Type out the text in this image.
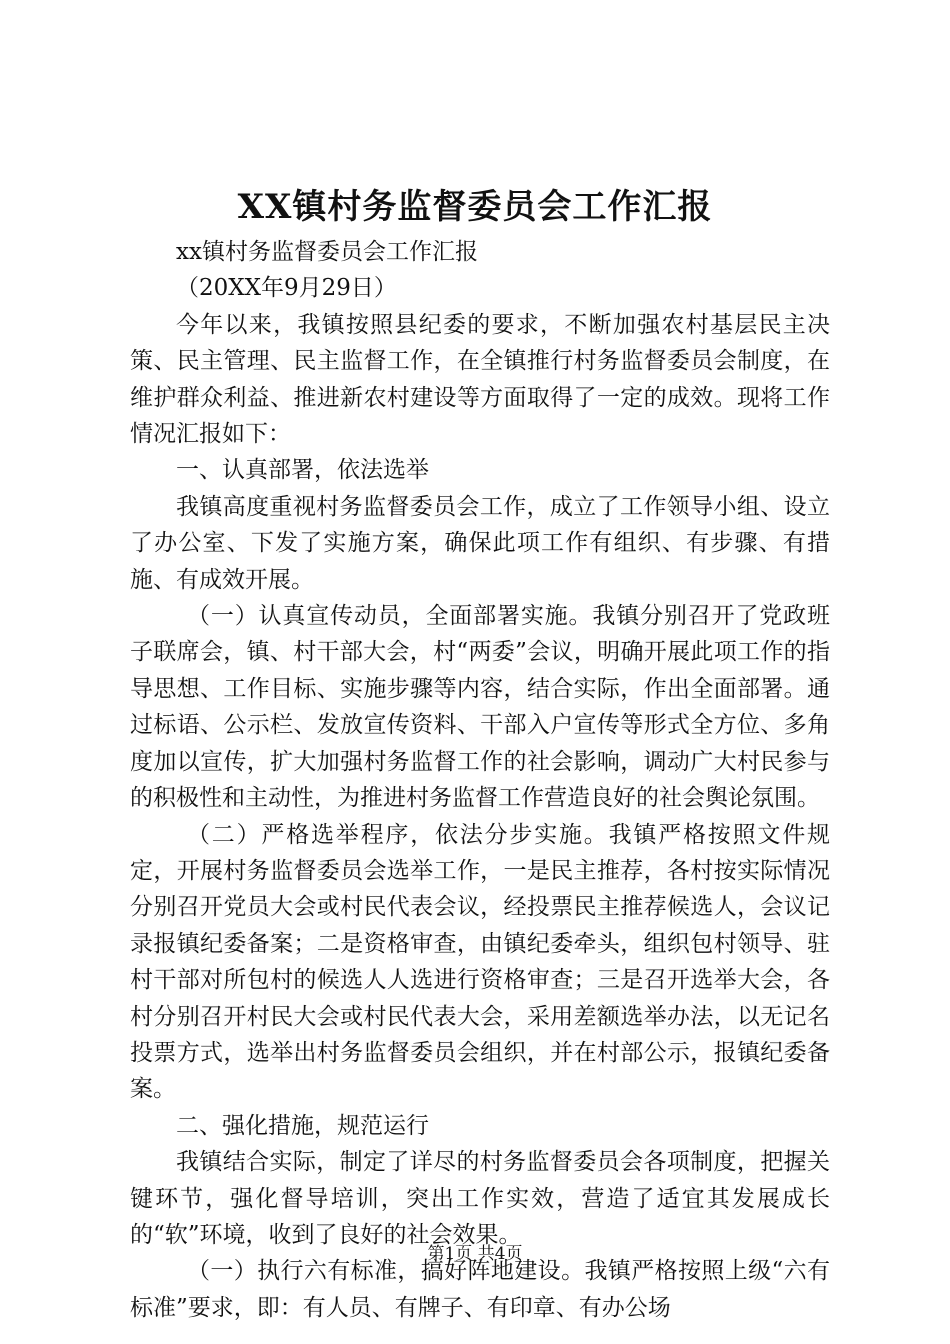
XX镇村务监督委员会工作汇报

xx镇村务监督委员会工作汇报

（20XX年9月29日）

今年以来，我镇按照县纪委的要求，不断加强农村基层民主决策、民主管理、民主监督工作，在全镇推行村务监督委员会制度，在维护群众利益、推进新农村建设等方面取得了一定的成效。现将工作情况汇报如下：

一、认真部署，依法选举

我镇高度重视村务监督委员会工作，成立了工作领导小组、设立了办公室、下发了实施方案，确保此项工作有组织、有步骤、有措施、有成效开展。

（一）认真宣传动员，全面部署实施。我镇分别召开了党政班子联席会，镇、村干部大会，村“两委”会议，明确开展此项工作的指导思想、工作目标、实施步骤等内容，结合实际，作出全面部署。通过标语、公示栏、发放宣传资料、干部入户宣传等形式全方位、多角度加以宣传，扩大加强村务监督工作的社会影响，调动广大村民参与的积极性和主动性，为推进村务监督工作营造良好的社会舆论氛围。

（二）严格选举程序，依法分步实施。我镇严格按照文件规定，开展村务监督委员会选举工作，一是民主推荐，各村按实际情况分别召开党员大会或村民代表会议，经投票民主推荐候选人，会议记录报镇纪委备案；二是资格审查，由镇纪委牵头，组织包村领导、驻村干部对所包村的候选人人选进行资格审查；三是召开选举大会，各村分别召开村民大会或村民代表大会，采用差额选举办法，以无记名投票方式，选举出村务监督委员会组织，并在村部公示，报镇纪委备案。

二、强化措施，规范运行

我镇结合实际，制定了详尽的村务监督委员会各项制度，把握关键环节，强化督导培训，突出工作实效，营造了适宜其发展成长的“软”环境，收到了良好的社会效果。

（一）执行六有标准，搞好阵地建设。我镇严格按照上级“六有标准”要求，即：有人员、有牌子、有印章、有办公场

第1页 共4页
